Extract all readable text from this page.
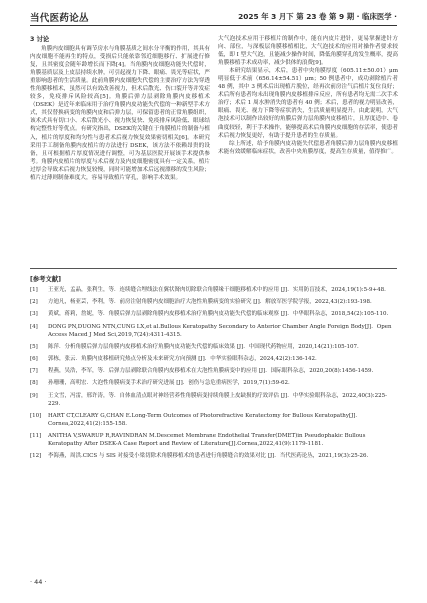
当代医药论丛	2025 年 3 月下 第 23 卷 第 9 期 · 临床医学 ·
3 讨论

角膜内皮细胞具有调节房水与角膜基质之间水分平衡的作用，其具有内皮细胞不能再生的特点，受损后只能依靠邻近细胞移行、扩展进行修复，且其密度会随年龄增长而下降[4]。当角膜内皮细胞功能失代偿时，角膜基质层及上皮层持续水肿，可引起视力下降、眼痛、畏光等症状，严重影响患者的生活质量。此前角膜内皮细胞失代偿的主要治疗方法为穿透性角膜移植术，虽然可以有效改善视力，但术后散光、伤口裂开等并发症较多，免疫排斥风险较高[5]。角膜后弹力层剥除角膜内皮移植术（DSEK）是近年来临床用于治疗角膜内皮功能失代偿的一种新型手术方式，其仅替换病变的角膜内皮和后弹力层，可保留患者的正常角膜组织，该术式具有切口小、术后散光小、视力恢复快、免疫排斥风险低、眼球结构完整性好等优点。有研究指出，DSEK的关键在于角膜植片的制备与植入，植片的厚度和均匀性与患者术后视力恢复效果密切相关[6]。本研究采用手工制备角膜内皮植片的方法进行 DSEK，该方法不依赖昂贵的设备，且可根据植片厚度情况进行调整，可为基层医院开展该手术提供参考。角膜内皮植片的厚度与术后视力及内皮细胞密度具有一定关系，植片过厚会导致术后视力恢复较慢，同时可能增加术后远视漂移的发生风险；植片过薄则制备难度大，容易导致植片穿孔，影响手术效果。

大气泡技术应用于移植片的制作中，能在内皮片进针，更易掌握进针方向、部位，与深板层角膜移植相比，大气泡技术的应用对操作者要求较低，即 I 型大气泡，且能减少操作时间，降低角膜穿孔的发生概率，提高角膜移植手术成功率，减少供体的浪费[9]。

本研究结果显示，术后，患者中央角膜厚度（605.11±50.01）μm 明显低于术前（656.14±54.51）μm；50 例患者中，成功剥除植片者 48 例，其中 3 例术后出现植片脱位，经再次前房注气后植片复位良好；术后所有患者均未出现角膜内皮移植排斥反应，所有患者均无需二次手术治疗；术后 1 周水肿消失的患者有 40 例；术后，患者的视力明显改善，眼痛、畏光、视力下降等症状消失，生活质量明显提升。由此说明，大气泡技术可以制作出较好的角膜后弹力层角膜内皮移植片，且厚度适中、卷曲度较轻，利于手术操作，能够提高术后角膜内皮细胞的存活率，使患者术后视力恢复更好，有助于提升患者的生存质量。

综上所述，给予角膜内皮功能失代偿患者角膜后弹力层角膜内皮移植术能有效缓解临床症状，改善中央角膜厚度，提高生存质量，值得推广。

[参考文献]
[1] 王亚光，孟晶，张利生，等．连续缝合埋线法在翼状胬肉切除联合角膜缘干细胞移植术中的应用 [J]．实用防盲技术，2024,19(1):5-9+48.
[2] 方迪凡，杨亚芸，李利，等．前房注射角膜内皮细胞治疗大泡性角膜病变的实验研究 [J]．解放军医学院学报，2022,43(2):193-198.
[3] 黄斌，蒋莉，詹妮，等．角膜后弹力层剥除角膜内皮移植术治疗角膜内皮功能失代偿的临床观察 [J]．中华眼科杂志，2018,54(2):105-110.
[4] DONG PN,DUONG NTN,CUNG LX,et al.Bullous Keratopathy Secondary to Anterior Chamber Angle Foreign Body[J]．Open Access Maced J Med Sci,2019,7(24):4311-4315.
[5] 陈萍．分析角膜后弹力层角膜内皮移植术治疗角膜内皮功能失代偿的临床效果 [J]．中国现代药物应用，2020,14(21):105-107.
[6] 郭栋，张云．角膜内皮移植研究热点分析及未来研究方向预测 [J]．中华实验眼科杂志，2024,42(2):136-142.
[7] 程燕，吴浩，李军，等．后弹力层剥除联合角膜内皮移植术在大泡性角膜病变中的应用 [J]．国际眼科杂志，2020,20(8):1456-1459.
[8] 孙珊珊，高明宏．大泡性角膜病变手术治疗研究进展 [J]．创伤与急危重病医学，2019,7(1):59-62.
[9] 王文雪，冯雷，邢许涛，等．自体血清点眼对神经营养性角膜病变持续角膜上皮缺损的疗效评估 [J]．中华实验眼科杂志，2022,40(3):225-229.
[10] HART CT,CLEARY G,CHAN E.Long-Term Outcomes of Photorefractive Keratectomy for Bullous Keratopathy[J]．Cornea,2022,41(2):155-158.
[11] ANITHA V,SWARUP R,RAVINDRAN M.Descemet Membrane Endothelial Transfer(DMET)in Pseudophakic Bullous Keratopathy After DSEK-A Case Report and Review of Literature[J].Cornea,2022,41(9):1179-1181.
[12] 李海燕，周洪.CICS 与 SIS 对接受小梁切除术角膜移植术的患者进行角膜缝合的效果对比 [J]．当代医药论丛，2021,19(3):25-26.
· 44 ·
